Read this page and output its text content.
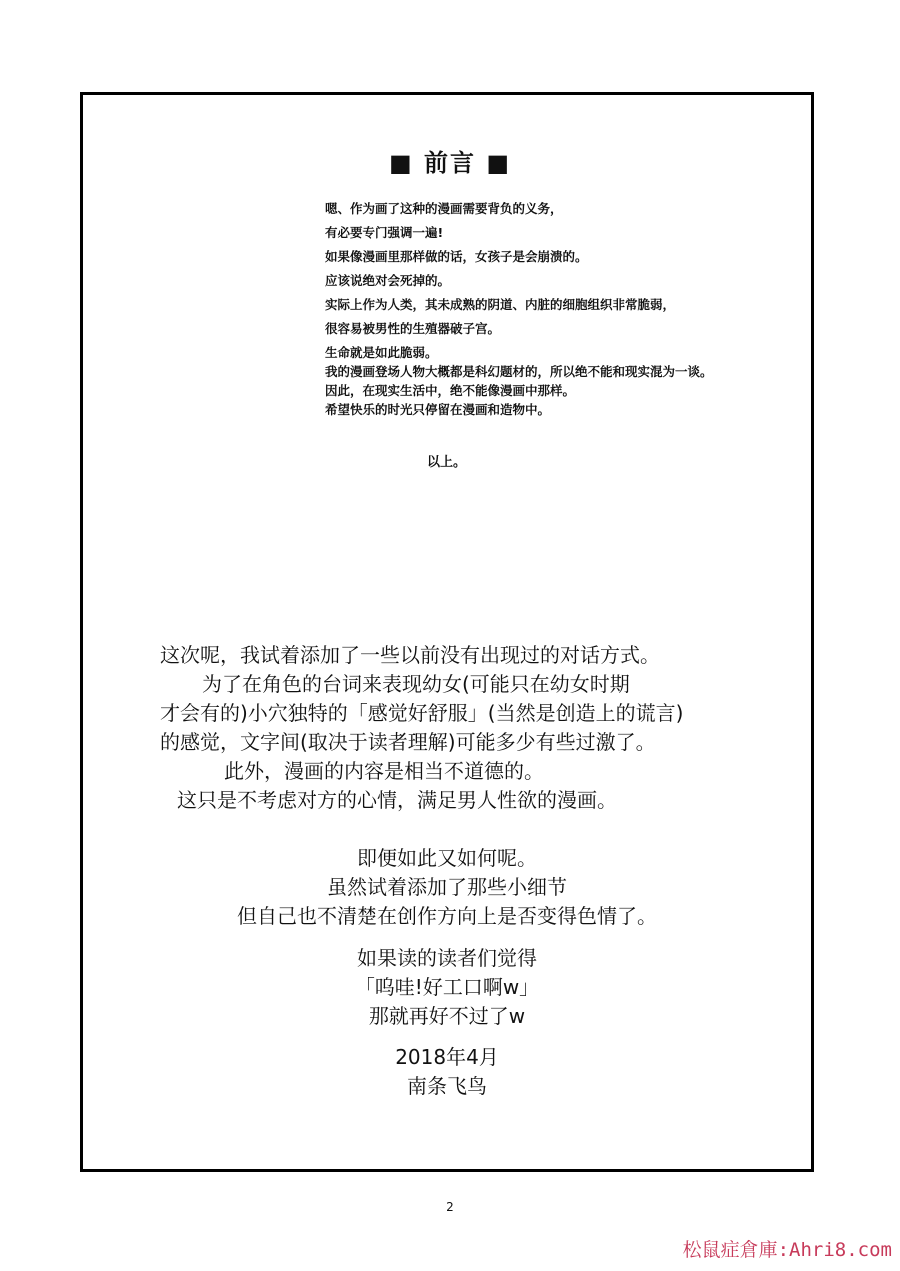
■ 前言 ■
嗯、作为画了这种的漫画需要背负的义务，
有必要专门强调一遍!
如果像漫画里那样做的话，女孩子是会崩溃的。
应该说绝对会死掉的。
实际上作为人类，其未成熟的阴道、内脏的细胞组织非常脆弱，
很容易被男性的生殖器破子宫。
生命就是如此脆弱。
我的漫画登场人物大概都是科幻题材的，所以绝不能和现实混为一谈。
因此，在现实生活中，绝不能像漫画中那样。
希望快乐的时光只停留在漫画和造物中。
以上。
这次呢，我试着添加了一些以前没有出现过的对话方式。
为了在角色的台词来表现幼女(可能只在幼女时期
才会有的)小穴独特的「感觉好舒服」(当然是创造上的谎言)
的感觉，文字间(取决于读者理解)可能多少有些过激了。
此外，漫画的内容是相当不道德的。
这只是不考虑对方的心情，满足男人性欲的漫画。
即便如此又如何呢。
虽然试着添加了那些小细节
但自己也不清楚在创作方向上是否变得色情了。
如果读的读者们觉得
「呜哇!好工口啊w」
那就再好不过了w
2018年4月
南条飞鸟
2
松鼠症倉庫:Ahri8.com
